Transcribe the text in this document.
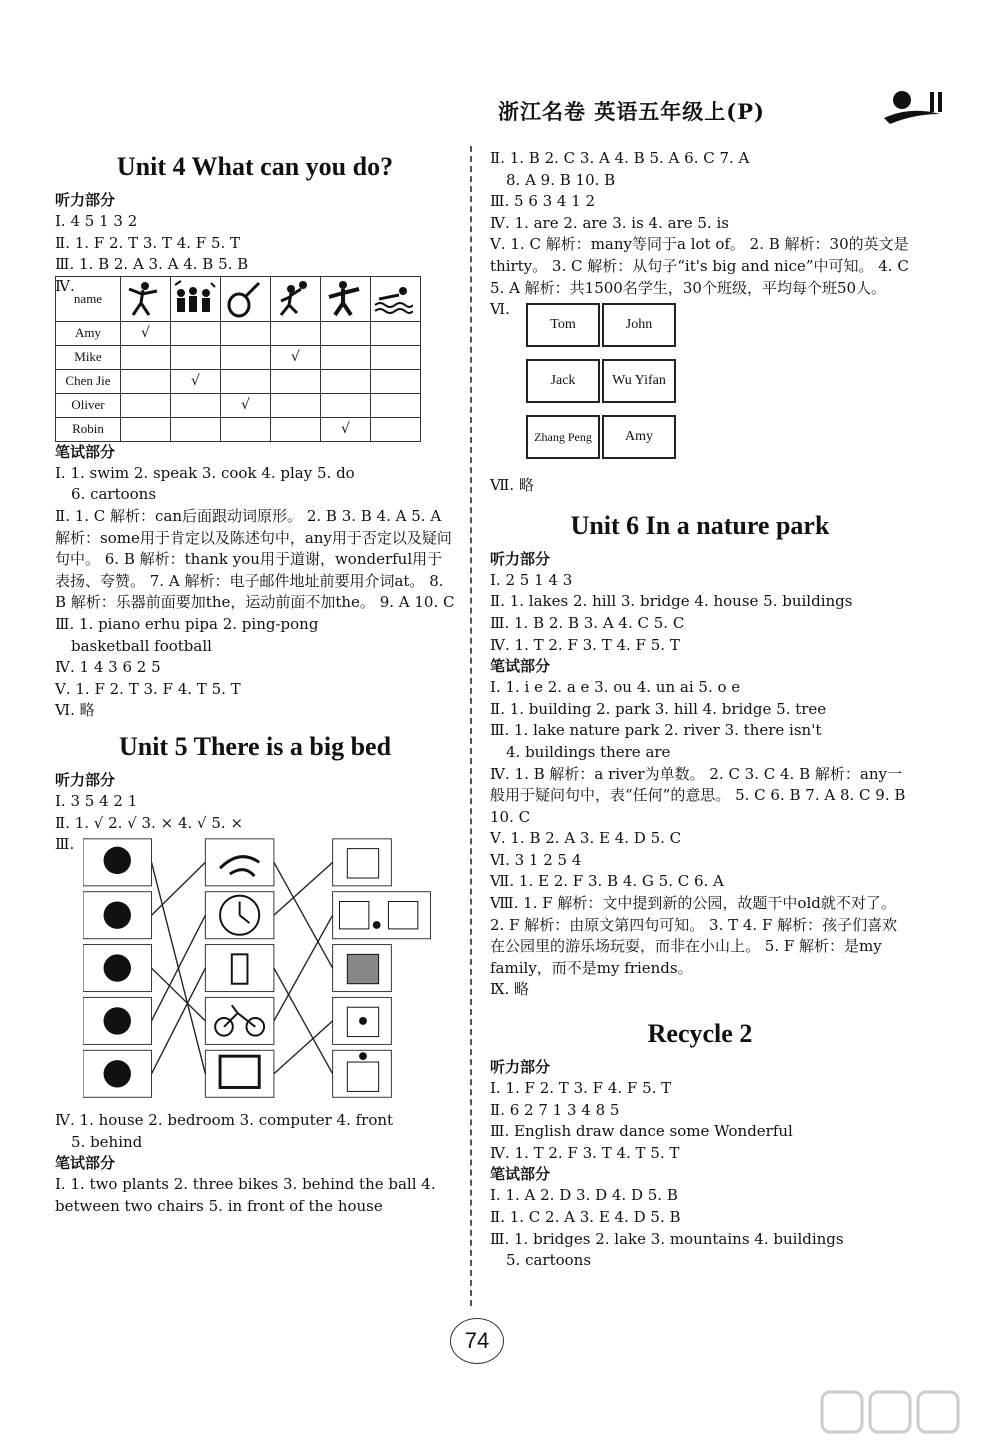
浙江名卷 英语五年级上(P)
Unit 4 What can you do?
听力部分
Ⅰ. 4 5 1 3 2
Ⅱ. 1. F 2. T 3. T 4. F 5. T
Ⅲ. 1. B 2. A 3. A 4. B 5. B
Ⅳ.
name	

Amy	√					
Mike				√		
Chen Jie		√				
Oliver			√			
Robin					√	
笔试部分
Ⅰ. 1. swim 2. speak 3. cook 4. play 5. do
6. cartoons
Ⅱ. 1. C 解析：can后面跟动词原形。 2. B 3. B 4. A 5. A 解析：some用于肯定以及陈述句中，any用于否定以及疑问句中。 6. B 解析：thank you用于道谢，wonderful用于表扬、夸赞。 7. A 解析：电子邮件地址前要用介词at。 8. B 解析：乐器前面要加the，运动前面不加the。 9. A 10. C
Ⅲ. 1. piano erhu pipa 2. ping-pong
basketball football
Ⅳ. 1 4 3 6 2 5
Ⅴ. 1. F 2. T 3. F 4. T 5. T
Ⅵ. 略
Unit 5 There is a big bed
听力部分
Ⅰ. 3 5 4 2 1
Ⅱ. 1. √ 2. √ 3. × 4. √ 5. ×
Ⅲ.
Ⅳ. 1. house 2. bedroom 3. computer 4. front
5. behind
笔试部分
Ⅰ. 1. two plants 2. three bikes 3. behind the ball 4. between two chairs 5. in front of the house
Ⅱ. 1. B 2. C 3. A 4. B 5. A 6. C 7. A
8. A 9. B 10. B
Ⅲ. 5 6 3 4 1 2
Ⅳ. 1. are 2. are 3. is 4. are 5. is
Ⅴ. 1. C 解析：many等同于a lot of。 2. B 解析：30的英文是thirty。 3. C 解析：从句子“it's big and nice”中可知。 4. C 5. A 解析：共1500名学生，30个班级，平均每个班50人。
Ⅵ.
Tom	John
Jack	Wu Yifan
Zhang Peng	Amy
Ⅶ. 略
Unit 6 In a nature park
听力部分
Ⅰ. 2 5 1 4 3
Ⅱ. 1. lakes 2. hill 3. bridge 4. house 5. buildings
Ⅲ. 1. B 2. B 3. A 4. C 5. C
Ⅳ. 1. T 2. F 3. T 4. F 5. T
笔试部分
Ⅰ. 1. i e 2. a e 3. ou 4. un ai 5. o e
Ⅱ. 1. building 2. park 3. hill 4. bridge 5. tree
Ⅲ. 1. lake nature park 2. river 3. there isn't
4. buildings there are
Ⅳ. 1. B 解析：a river为单数。 2. C 3. C 4. B 解析：any一般用于疑问句中，表“任何”的意思。 5. C 6. B 7. A 8. C 9. B 10. C
Ⅴ. 1. B 2. A 3. E 4. D 5. C
Ⅵ. 3 1 2 5 4
Ⅶ. 1. E 2. F 3. B 4. G 5. C 6. A
Ⅷ. 1. F 解析：文中提到新的公园，故题干中old就不对了。 2. F 解析：由原文第四句可知。 3. T 4. F 解析：孩子们喜欢在公园里的游乐场玩耍，而非在小山上。 5. F 解析：是my family，而不是my friends。
Ⅸ. 略
Recycle 2
听力部分
Ⅰ. 1. F 2. T 3. F 4. F 5. T
Ⅱ. 6 2 7 1 3 4 8 5
Ⅲ. English draw dance some Wonderful
Ⅳ. 1. T 2. F 3. T 4. T 5. T
笔试部分
Ⅰ. 1. A 2. D 3. D 4. D 5. B
Ⅱ. 1. C 2. A 3. E 4. D 5. B
Ⅲ. 1. bridges 2. lake 3. mountains 4. buildings
5. cartoons
74
